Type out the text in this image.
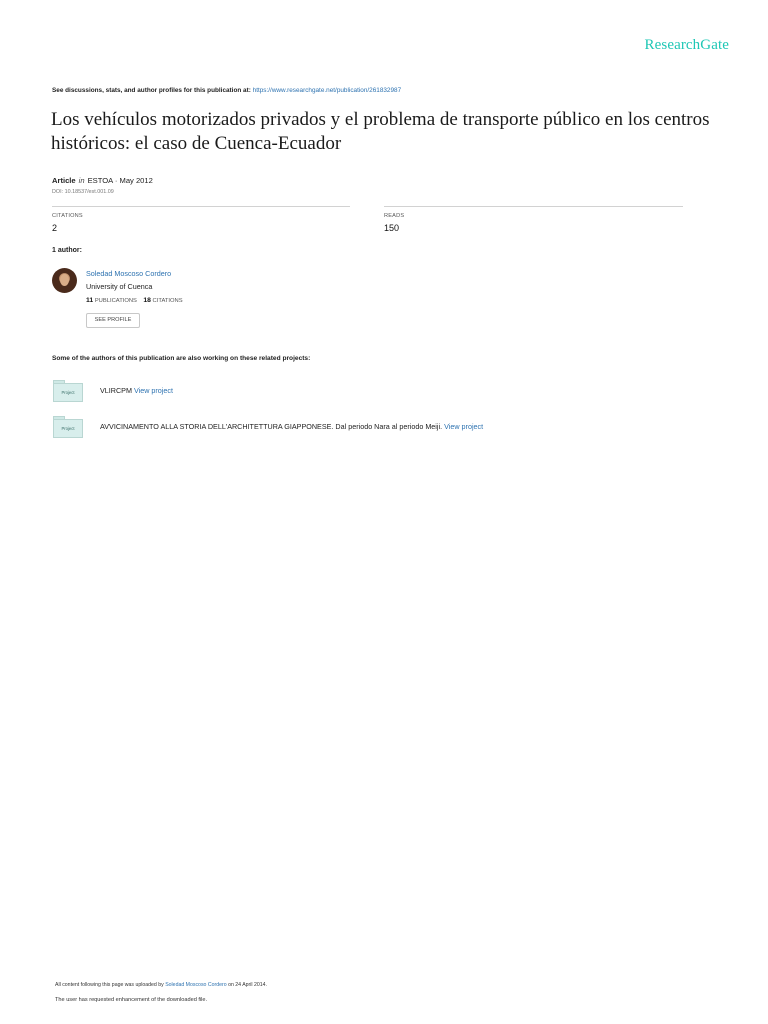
ResearchGate
See discussions, stats, and author profiles for this publication at: https://www.researchgate.net/publication/261832987
Los vehículos motorizados privados y el problema de transporte público en los centros históricos: el caso de Cuenca-Ecuador
Article in ESTOA · May 2012
DOI: 10.18537/est.001.09
CITATIONS
2
READS
150
1 author:
Soledad Moscoso Cordero
University of Cuenca
11 PUBLICATIONS 18 CITATIONS
SEE PROFILE
Some of the authors of this publication are also working on these related projects:
Project	VLIRCPM View project
Project	AVVICINAMENTO ALLA STORIA DELL'ARCHITETTURA GIAPPONESE. Dal periodo Nara al periodo Meiji. View project
All content following this page was uploaded by Soledad Moscoso Cordero on 24 April 2014.
The user has requested enhancement of the downloaded file.
